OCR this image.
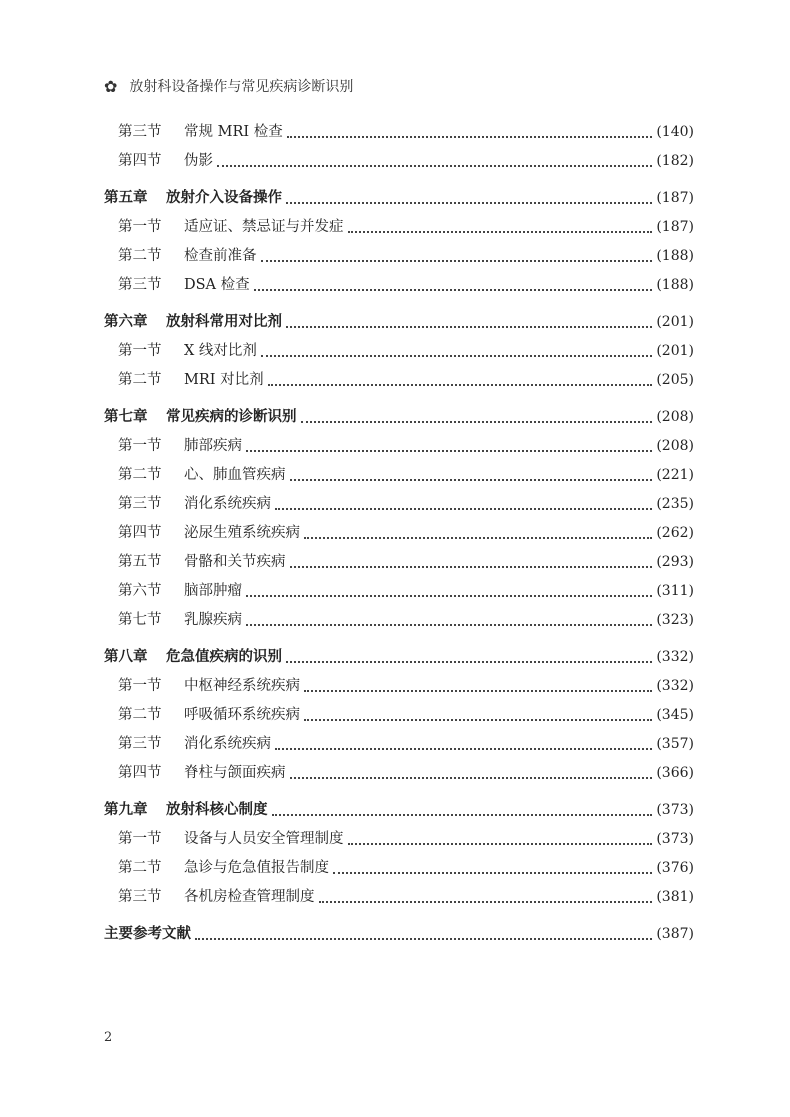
✿ 放射科设备操作与常见疾病诊断识别
第三节 常规 MRI 检查	(140)
第四节 伪影	(182)
第五章 放射介入设备操作	(187)
第一节 适应证、禁忌证与并发症	(187)
第二节 检查前准备	(188)
第三节 DSA 检查	(188)
第六章 放射科常用对比剂	(201)
第一节 X 线对比剂	(201)
第二节 MRI 对比剂	(205)
第七章 常见疾病的诊断识别	(208)
第一节 肺部疾病	(208)
第二节 心、肺血管疾病	(221)
第三节 消化系统疾病	(235)
第四节 泌尿生殖系统疾病	(262)
第五节 骨骼和关节疾病	(293)
第六节 脑部肿瘤	(311)
第七节 乳腺疾病	(323)
第八章 危急值疾病的识别	(332)
第一节 中枢神经系统疾病	(332)
第二节 呼吸循环系统疾病	(345)
第三节 消化系统疾病	(357)
第四节 脊柱与颌面疾病	(366)
第九章 放射科核心制度	(373)
第一节 设备与人员安全管理制度	(373)
第二节 急诊与危急值报告制度	(376)
第三节 各机房检查管理制度	(381)
主要参考文献	(387)
2
